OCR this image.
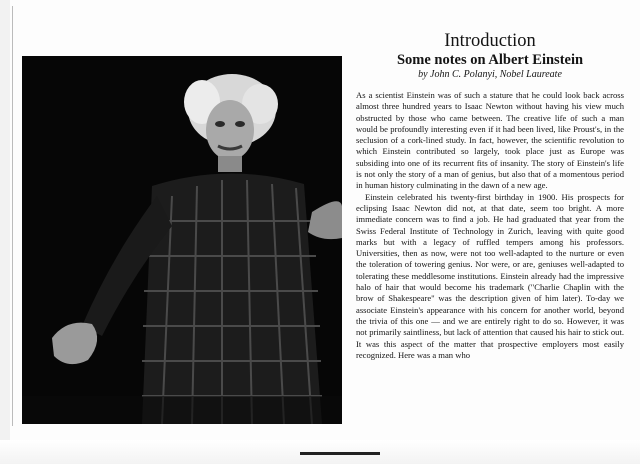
Introduction
Some notes on Albert Einstein

by John C. Polanyi, Nobel Laureate

As a scientist Einstein was of such a stature that he could look back across almost three hundred years to Isaac Newton without having his view much obstructed by those who came between. The creative life of such a man would be profoundly interesting even if it had been lived, like Proust's, in the seclusion of a cork-lined study. In fact, however, the scientific revolution to which Einstein contributed so largely, took place just as Europe was subsiding into one of its recurrent fits of insanity. The story of Einstein's life is not only the story of a man of genius, but also that of a momentous period in human history culminating in the dawn of a new age.

Einstein celebrated his twenty-first birthday in 1900. His prospects for eclipsing Isaac Newton did not, at that date, seem too bright. A more immediate concern was to find a job. He had graduated that year from the Swiss Federal Institute of Technology in Zurich, leaving with quite good marks but with a legacy of ruffled tempers among his professors. Universities, then as now, were not too well-adapted to the nurture or even the toleration of towering genius. Nor were, or are, geniuses well-adapted to tolerating these meddlesome institutions. Einstein already had the impressive halo of hair that would become his trademark ("Charlie Chaplin with the brow of Shakespeare" was the description given of him later). To-day we associate Einstein's appearance with his concern for another world, beyond the trivia of this one — and we are entirely right to do so. However, it was not primarily saintliness, but lack of attention that caused his hair to stick out. It was this aspect of the matter that prospective employers most easily recognized. Here was a man who
